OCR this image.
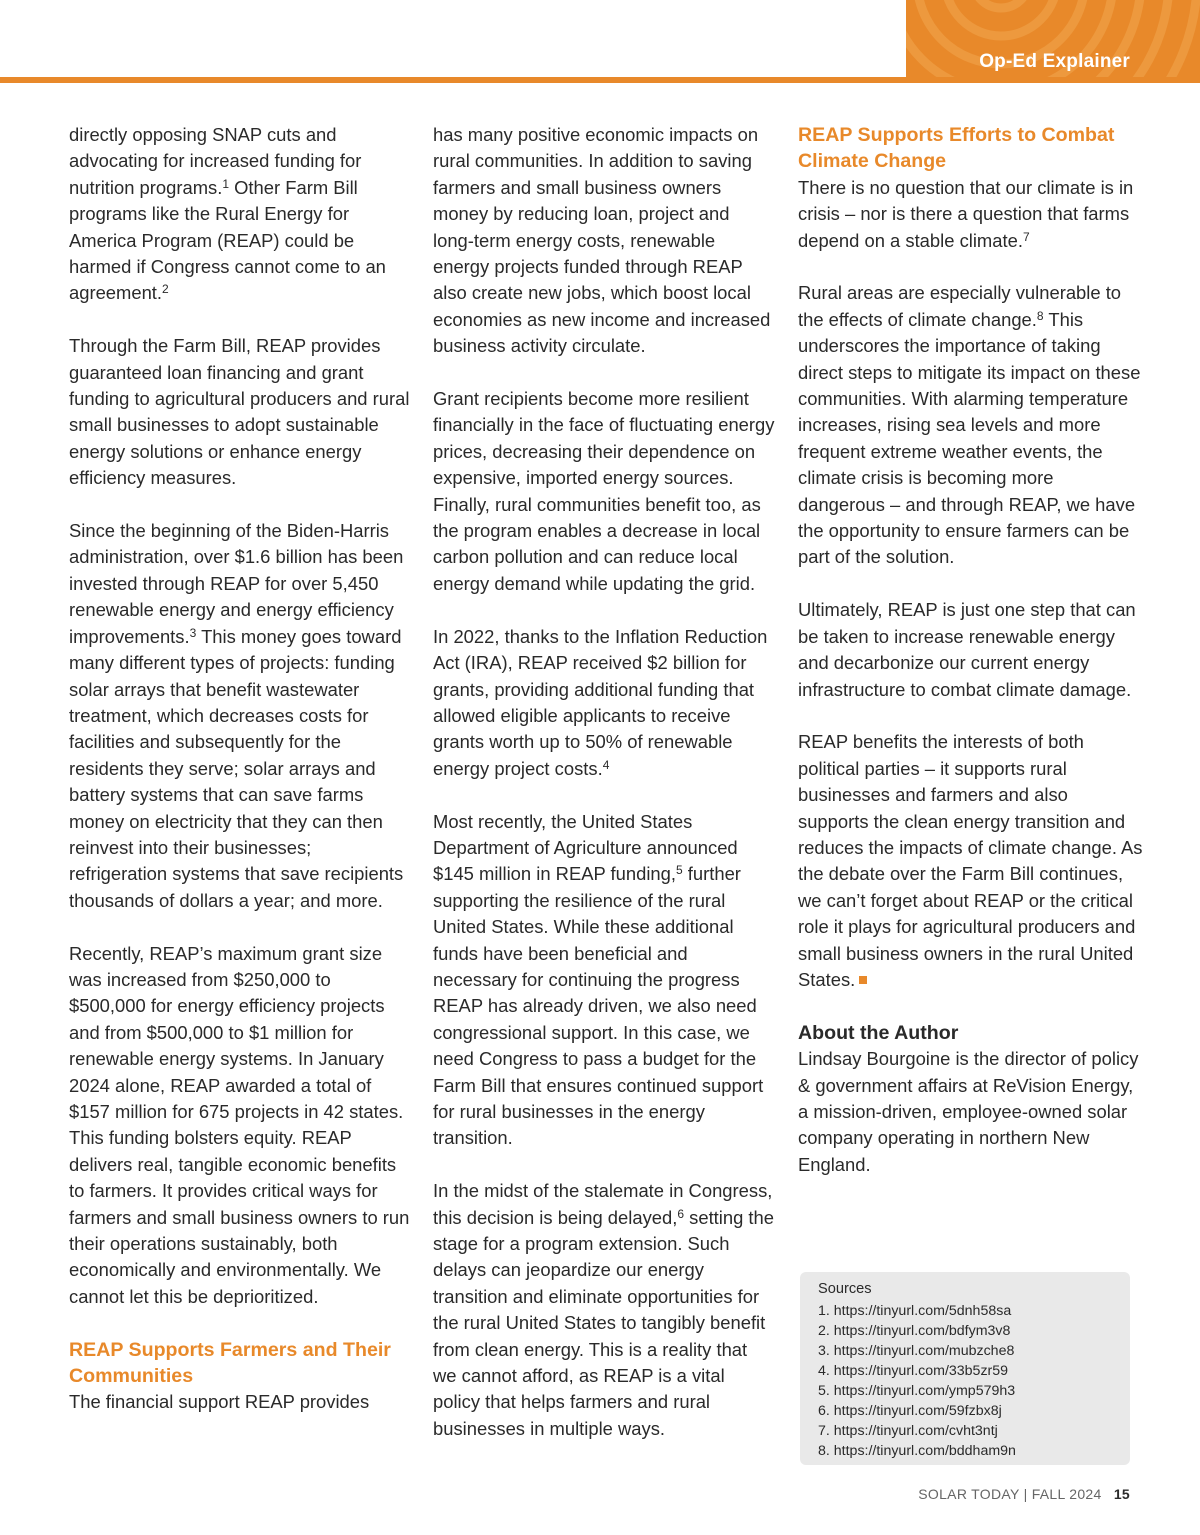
Op-Ed Explainer

directly opposing SNAP cuts and advocating for increased funding for nutrition programs.$^1$ Other Farm Bill programs like the Rural Energy for America Program (REAP) could be harmed if Congress cannot come to an agreement.$^2$

Through the Farm Bill, REAP provides guaranteed loan financing and grant funding to agricultural producers and rural small businesses to adopt sustainable energy solutions or enhance energy efficiency measures.

Since the beginning of the Biden-Harris administration, over $1.6 billion has been invested through REAP for over 5,450 renewable energy and energy efficiency improvements.$^3$ This money goes toward many different types of projects: funding solar arrays that benefit wastewater treatment, which decreases costs for facilities and subsequently for the residents they serve; solar arrays and battery systems that can save farms money on electricity that they can then reinvest into their businesses; refrigeration systems that save recipients thousands of dollars a year; and more.

Recently, REAP’s maximum grant size was increased from $250,000 to $500,000 for energy efficiency projects and from $500,000 to $1 million for renewable energy systems. In January 2024 alone, REAP awarded a total of $157 million for 675 projects in 42 states. This funding bolsters equity. REAP delivers real, tangible economic benefits to farmers. It provides critical ways for farmers and small business owners to run their operations sustainably, both economically and environmentally. We cannot let this be deprioritized.

REAP Supports Farmers and Their Communities

The financial support REAP provides

has many positive economic impacts on rural communities. In addition to saving farmers and small business owners money by reducing loan, project and long-term energy costs, renewable energy projects funded through REAP also create new jobs, which boost local economies as new income and increased business activity circulate.

Grant recipients become more resilient financially in the face of fluctuating energy prices, decreasing their dependence on expensive, imported energy sources. Finally, rural communities benefit too, as the program enables a decrease in local carbon pollution and can reduce local energy demand while updating the grid.

In 2022, thanks to the Inflation Reduction Act (IRA), REAP received $2 billion for grants, providing additional funding that allowed eligible applicants to receive grants worth up to 50% of renewable energy project costs.$^4$

Most recently, the United States Department of Agriculture announced $145 million in REAP funding,$^5$ further supporting the resilience of the rural United States. While these additional funds have been beneficial and necessary for continuing the progress REAP has already driven, we also need congressional support. In this case, we need Congress to pass a budget for the Farm Bill that ensures continued support for rural businesses in the energy transition.

In the midst of the stalemate in Congress, this decision is being delayed,$^6$ setting the stage for a program extension. Such delays can jeopardize our energy transition and eliminate opportunities for the rural United States to tangibly benefit from clean energy. This is a reality that we cannot afford, as REAP is a vital policy that helps farmers and rural businesses in multiple ways.

REAP Supports Efforts to Combat Climate Change

There is no question that our climate is in crisis – nor is there a question that farms depend on a stable climate.$^7$

Rural areas are especially vulnerable to the effects of climate change.$^8$ This underscores the importance of taking direct steps to mitigate its impact on these communities. With alarming temperature increases, rising sea levels and more frequent extreme weather events, the climate crisis is becoming more dangerous – and through REAP, we have the opportunity to ensure farmers can be part of the solution.

Ultimately, REAP is just one step that can be taken to increase renewable energy and decarbonize our current energy infrastructure to combat climate damage.

REAP benefits the interests of both political parties – it supports rural businesses and farmers and also supports the clean energy transition and reduces the impacts of climate change. As the debate over the Farm Bill continues, we can’t forget about REAP or the critical role it plays for agricultural producers and small business owners in the rural United States.

About the Author

Lindsay Bourgoine is the director of policy & government affairs at ReVision Energy, a mission-driven, employee-owned solar company operating in northern New England.

Sources
1. https://tinyurl.com/5dnh58sa
2. https://tinyurl.com/bdfym3v8
3. https://tinyurl.com/mubzche8
4. https://tinyurl.com/33b5zr59
5. https://tinyurl.com/ymp579h3
6. https://tinyurl.com/59fzbx8j
7. https://tinyurl.com/cvht3ntj
8. https://tinyurl.com/bddham9n
SOLAR TODAY | FALL 2024 15
